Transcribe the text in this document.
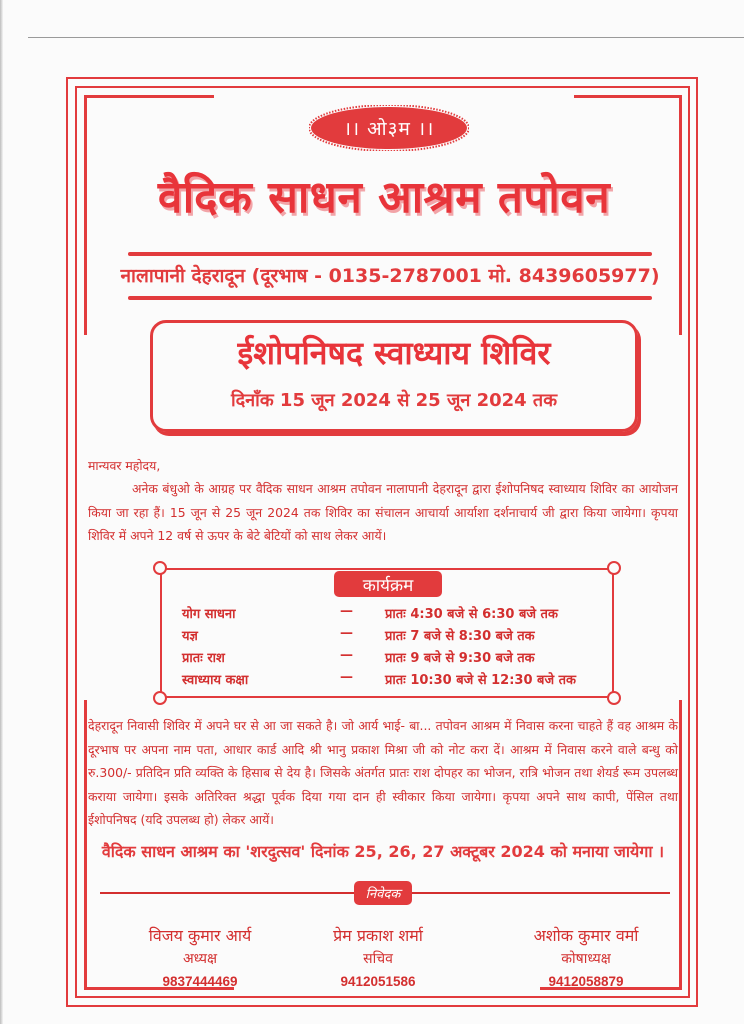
।। ओ३म ।।
वैदिक साधन आश्रम तपोवन
नालापानी देहरादून (दूरभाष - 0135-2787001 मो. 8439605977)
ईशोपनिषद स्वाध्याय शिविर
दिनाँक 15 जून 2024 से 25 जून 2024 तक
मान्यवर महोदय,
अनेक बंधुओ के आग्रह पर वैदिक साधन आश्रम तपोवन नालापानी देहरादून द्वारा ईशोपनिषद स्वाध्याय शिविर का आयोजन किया जा रहा हैं। 15 जून से 25 जून 2024 तक शिविर का संचालन आचार्या आर्याशा दर्शनाचार्य जी द्वारा किया जायेगा। कृपया शिविर में अपने 12 वर्ष से ऊपर के बेटे बेटियों को साथ लेकर आयें।
कार्यक्रम
योग साधना	—	प्रातः 4:30 बजे से 6:30 बजे तक
यज्ञ	—	प्रातः 7 बजे से 8:30 बजे तक
प्रातः राश	—	प्रातः 9 बजे से 9:30 बजे तक
स्वाध्याय कक्षा	—	प्रातः 10:30 बजे से 12:30 बजे तक
देहरादून निवासी शिविर में अपने घर से आ जा सकते है। जो आर्य भाई- बा... तपोवन आश्रम में निवास करना चाहते हैं वह आश्रम के दूरभाष पर अपना नाम पता, आधार कार्ड आदि श्री भानु प्रकाश मिश्रा जी को नोट करा दें। आश्रम में निवास करने वाले बन्धु को रु.300/- प्रतिदिन प्रति व्यक्ति के हिसाब से देय है। जिसके अंतर्गत प्रातः राश दोपहर का भोजन, रात्रि भोजन तथा शेयर्ड रूम उपलब्ध कराया जायेगा। इसके अतिरिक्त श्रद्धा पूर्वक दिया गया दान ही स्वीकार किया जायेगा। कृपया अपने साथ कापी, पेंसिल तथा ईशोपनिषद (यदि उपलब्ध हो) लेकर आयें।
वैदिक साधन आश्रम का 'शरदुत्सव' दिनांक 25, 26, 27 अक्टूबर 2024 को मनाया जायेगा ।
निवेदक
विजय कुमार आर्य
अध्यक्ष
9837444469
प्रेम प्रकाश शर्मा
सचिव
9412051586
अशोक कुमार वर्मा
कोषाध्यक्ष
9412058879
